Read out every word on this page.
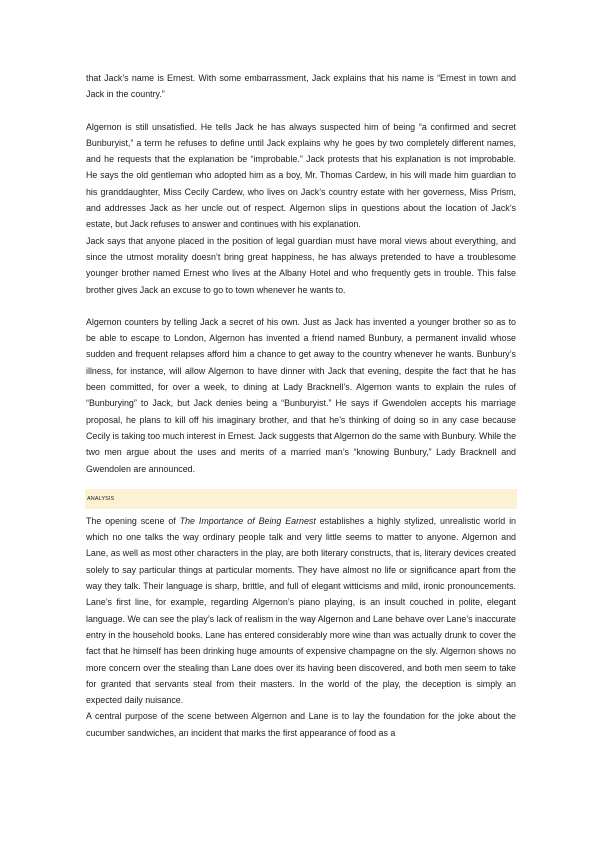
that Jack’s name is Ernest. With some embarrassment, Jack explains that his name is “Ernest in town and Jack in the country.”

Algernon is still unsatisfied. He tells Jack he has always suspected him of being “a confirmed and secret Bunburyist,” a term he refuses to define until Jack explains why he goes by two completely different names, and he requests that the explanation be “improbable.” Jack protests that his explanation is not improbable. He says the old gentleman who adopted him as a boy, Mr. Thomas Cardew, in his will made him guardian to his granddaughter, Miss Cecily Cardew, who lives on Jack’s country estate with her governess, Miss Prism, and addresses Jack as her uncle out of respect. Algernon slips in questions about the location of Jack’s estate, but Jack refuses to answer and continues with his explanation.

Jack says that anyone placed in the position of legal guardian must have moral views about everything, and since the utmost morality doesn’t bring great happiness, he has always pretended to have a troublesome younger brother named Ernest who lives at the Albany Hotel and who frequently gets in trouble. This false brother gives Jack an excuse to go to town whenever he wants to.

Algernon counters by telling Jack a secret of his own. Just as Jack has invented a younger brother so as to be able to escape to London, Algernon has invented a friend named Bunbury, a permanent invalid whose sudden and frequent relapses afford him a chance to get away to the country whenever he wants. Bunbury’s illness, for instance, will allow Algernon to have dinner with Jack that evening, despite the fact that he has been committed, for over a week, to dining at Lady Bracknell’s. Algernon wants to explain the rules of “Bunburying” to Jack, but Jack denies being a “Bunburyist.” He says if Gwendolen accepts his marriage proposal, he plans to kill off his imaginary brother, and that he’s thinking of doing so in any case because Cecily is taking too much interest in Ernest. Jack suggests that Algernon do the same with Bunbury. While the two men argue about the uses and merits of a married man’s “knowing Bunbury,” Lady Bracknell and Gwendolen are announced.

ANALYSIS

The opening scene of The Importance of Being Earnest establishes a highly stylized, unrealistic world in which no one talks the way ordinary people talk and very little seems to matter to anyone. Algernon and Lane, as well as most other characters in the play, are both literary constructs, that is, literary devices created solely to say particular things at particular moments. They have almost no life or significance apart from the way they talk. Their language is sharp, brittle, and full of elegant witticisms and mild, ironic pronouncements. Lane’s first line, for example, regarding Algernon’s piano playing, is an insult couched in polite, elegant language. We can see the play’s lack of realism in the way Algernon and Lane behave over Lane’s inaccurate entry in the household books. Lane has entered considerably more wine than was actually drunk to cover the fact that he himself has been drinking huge amounts of expensive champagne on the sly. Algernon shows no more concern over the stealing than Lane does over its having been discovered, and both men seem to take for granted that servants steal from their masters. In the world of the play, the deception is simply an expected daily nuisance.

A central purpose of the scene between Algernon and Lane is to lay the foundation for the joke about the cucumber sandwiches, an incident that marks the first appearance of food as a
